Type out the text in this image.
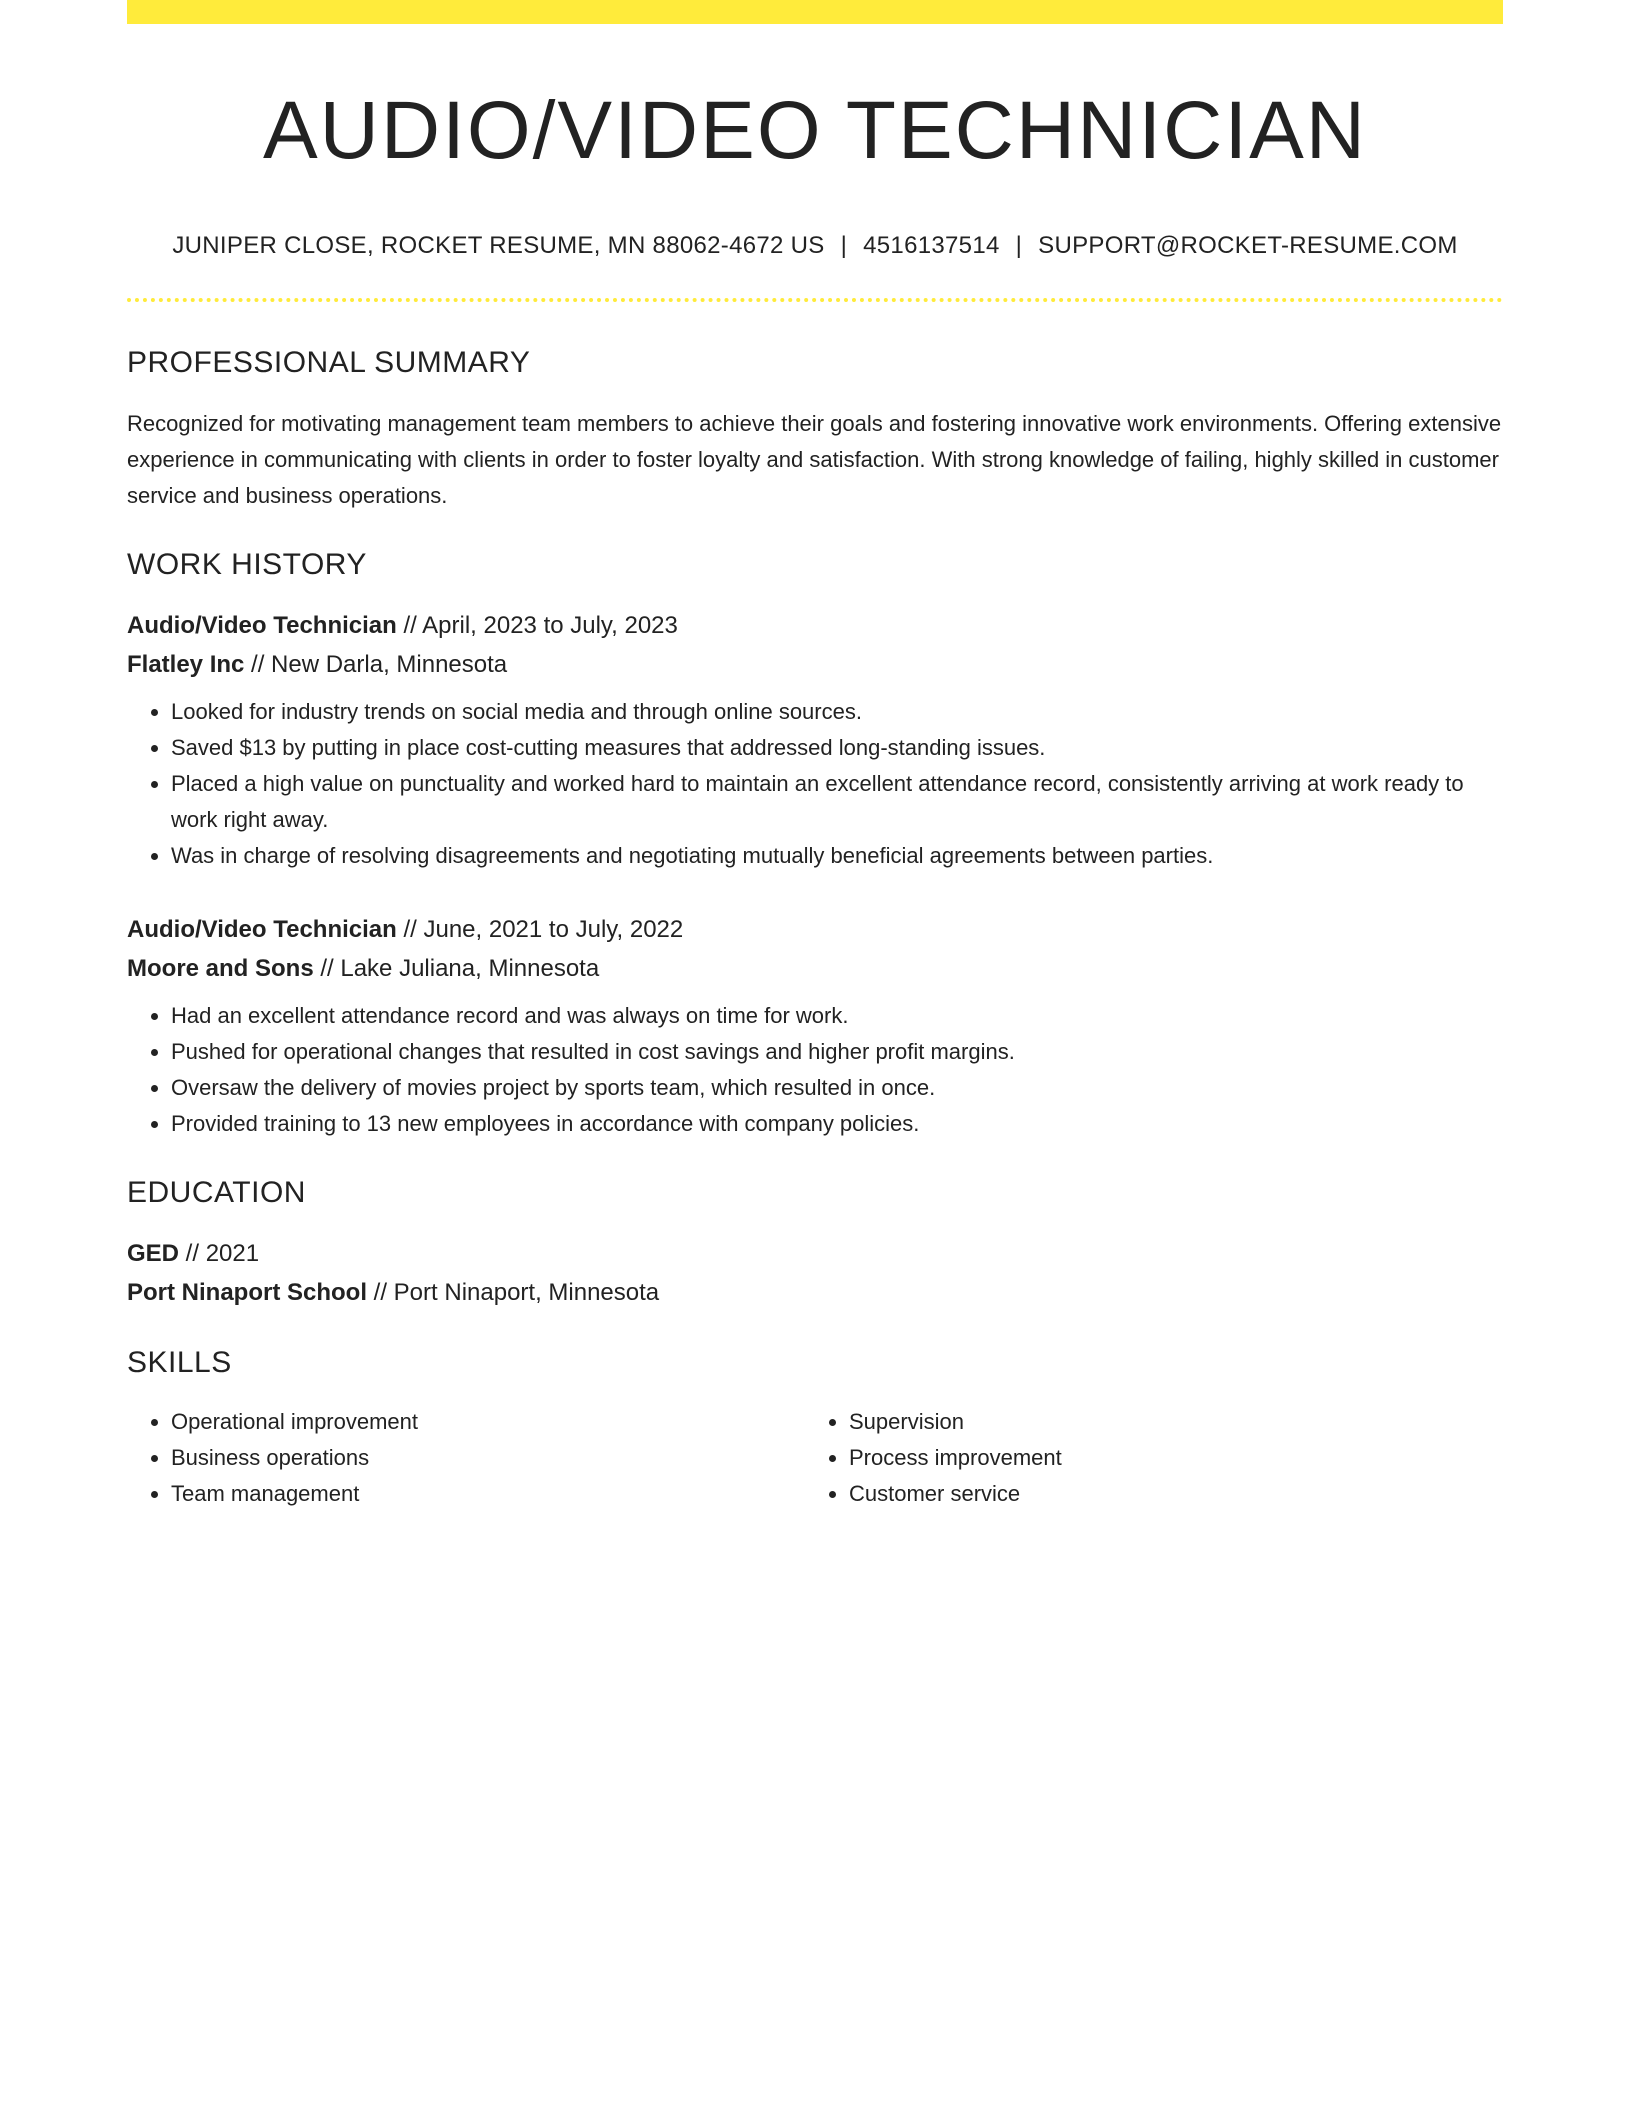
AUDIO/VIDEO TECHNICIAN
JUNIPER CLOSE, ROCKET RESUME, MN 88062-4672 US | 4516137514 | SUPPORT@ROCKET-RESUME.COM
PROFESSIONAL SUMMARY
Recognized for motivating management team members to achieve their goals and fostering innovative work environments. Offering extensive experience in communicating with clients in order to foster loyalty and satisfaction. With strong knowledge of failing, highly skilled in customer service and business operations.
WORK HISTORY
Audio/Video Technician // April, 2023 to July, 2023
Flatley Inc // New Darla, Minnesota
• Looked for industry trends on social media and through online sources.
• Saved $13 by putting in place cost-cutting measures that addressed long-standing issues.
• Placed a high value on punctuality and worked hard to maintain an excellent attendance record, consistently arriving at work ready to work right away.
• Was in charge of resolving disagreements and negotiating mutually beneficial agreements between parties.
Audio/Video Technician // June, 2021 to July, 2022
Moore and Sons // Lake Juliana, Minnesota
• Had an excellent attendance record and was always on time for work.
• Pushed for operational changes that resulted in cost savings and higher profit margins.
• Oversaw the delivery of movies project by sports team, which resulted in once.
• Provided training to 13 new employees in accordance with company policies.
EDUCATION
GED // 2021
Port Ninaport School // Port Ninaport, Minnesota
SKILLS
• Operational improvement
• Business operations
• Team management
• Supervision
• Process improvement
• Customer service
